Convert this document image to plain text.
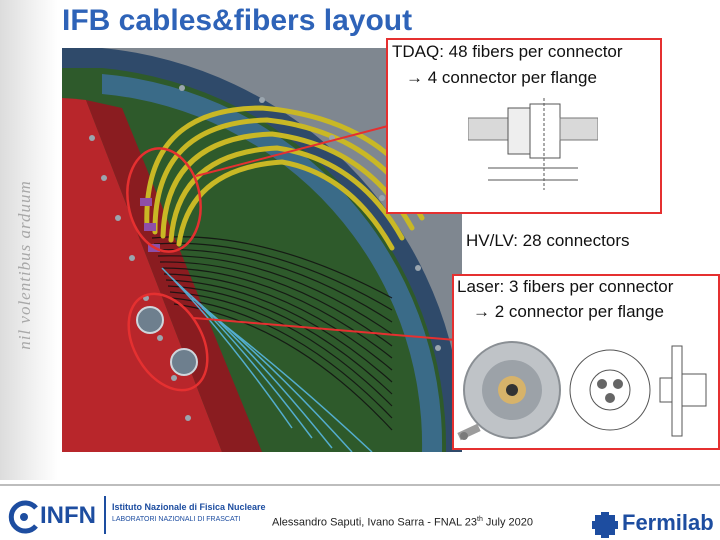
nil volentibus arduum
IFB cables&fibers layout
TDAQ: 48 fibers per connector
→ 4 connector per flange
HV/LV: 28 connectors
Laser: 3 fibers per connector
→ 2 connector per flange
INFN Istituto Nazionale di Fisica Nucleare
LABORATORI NAZIONALI DI FRASCATI	Alessandro Saputi, Ivano Sarra - FNAL 23th July 2020	Fermilab
